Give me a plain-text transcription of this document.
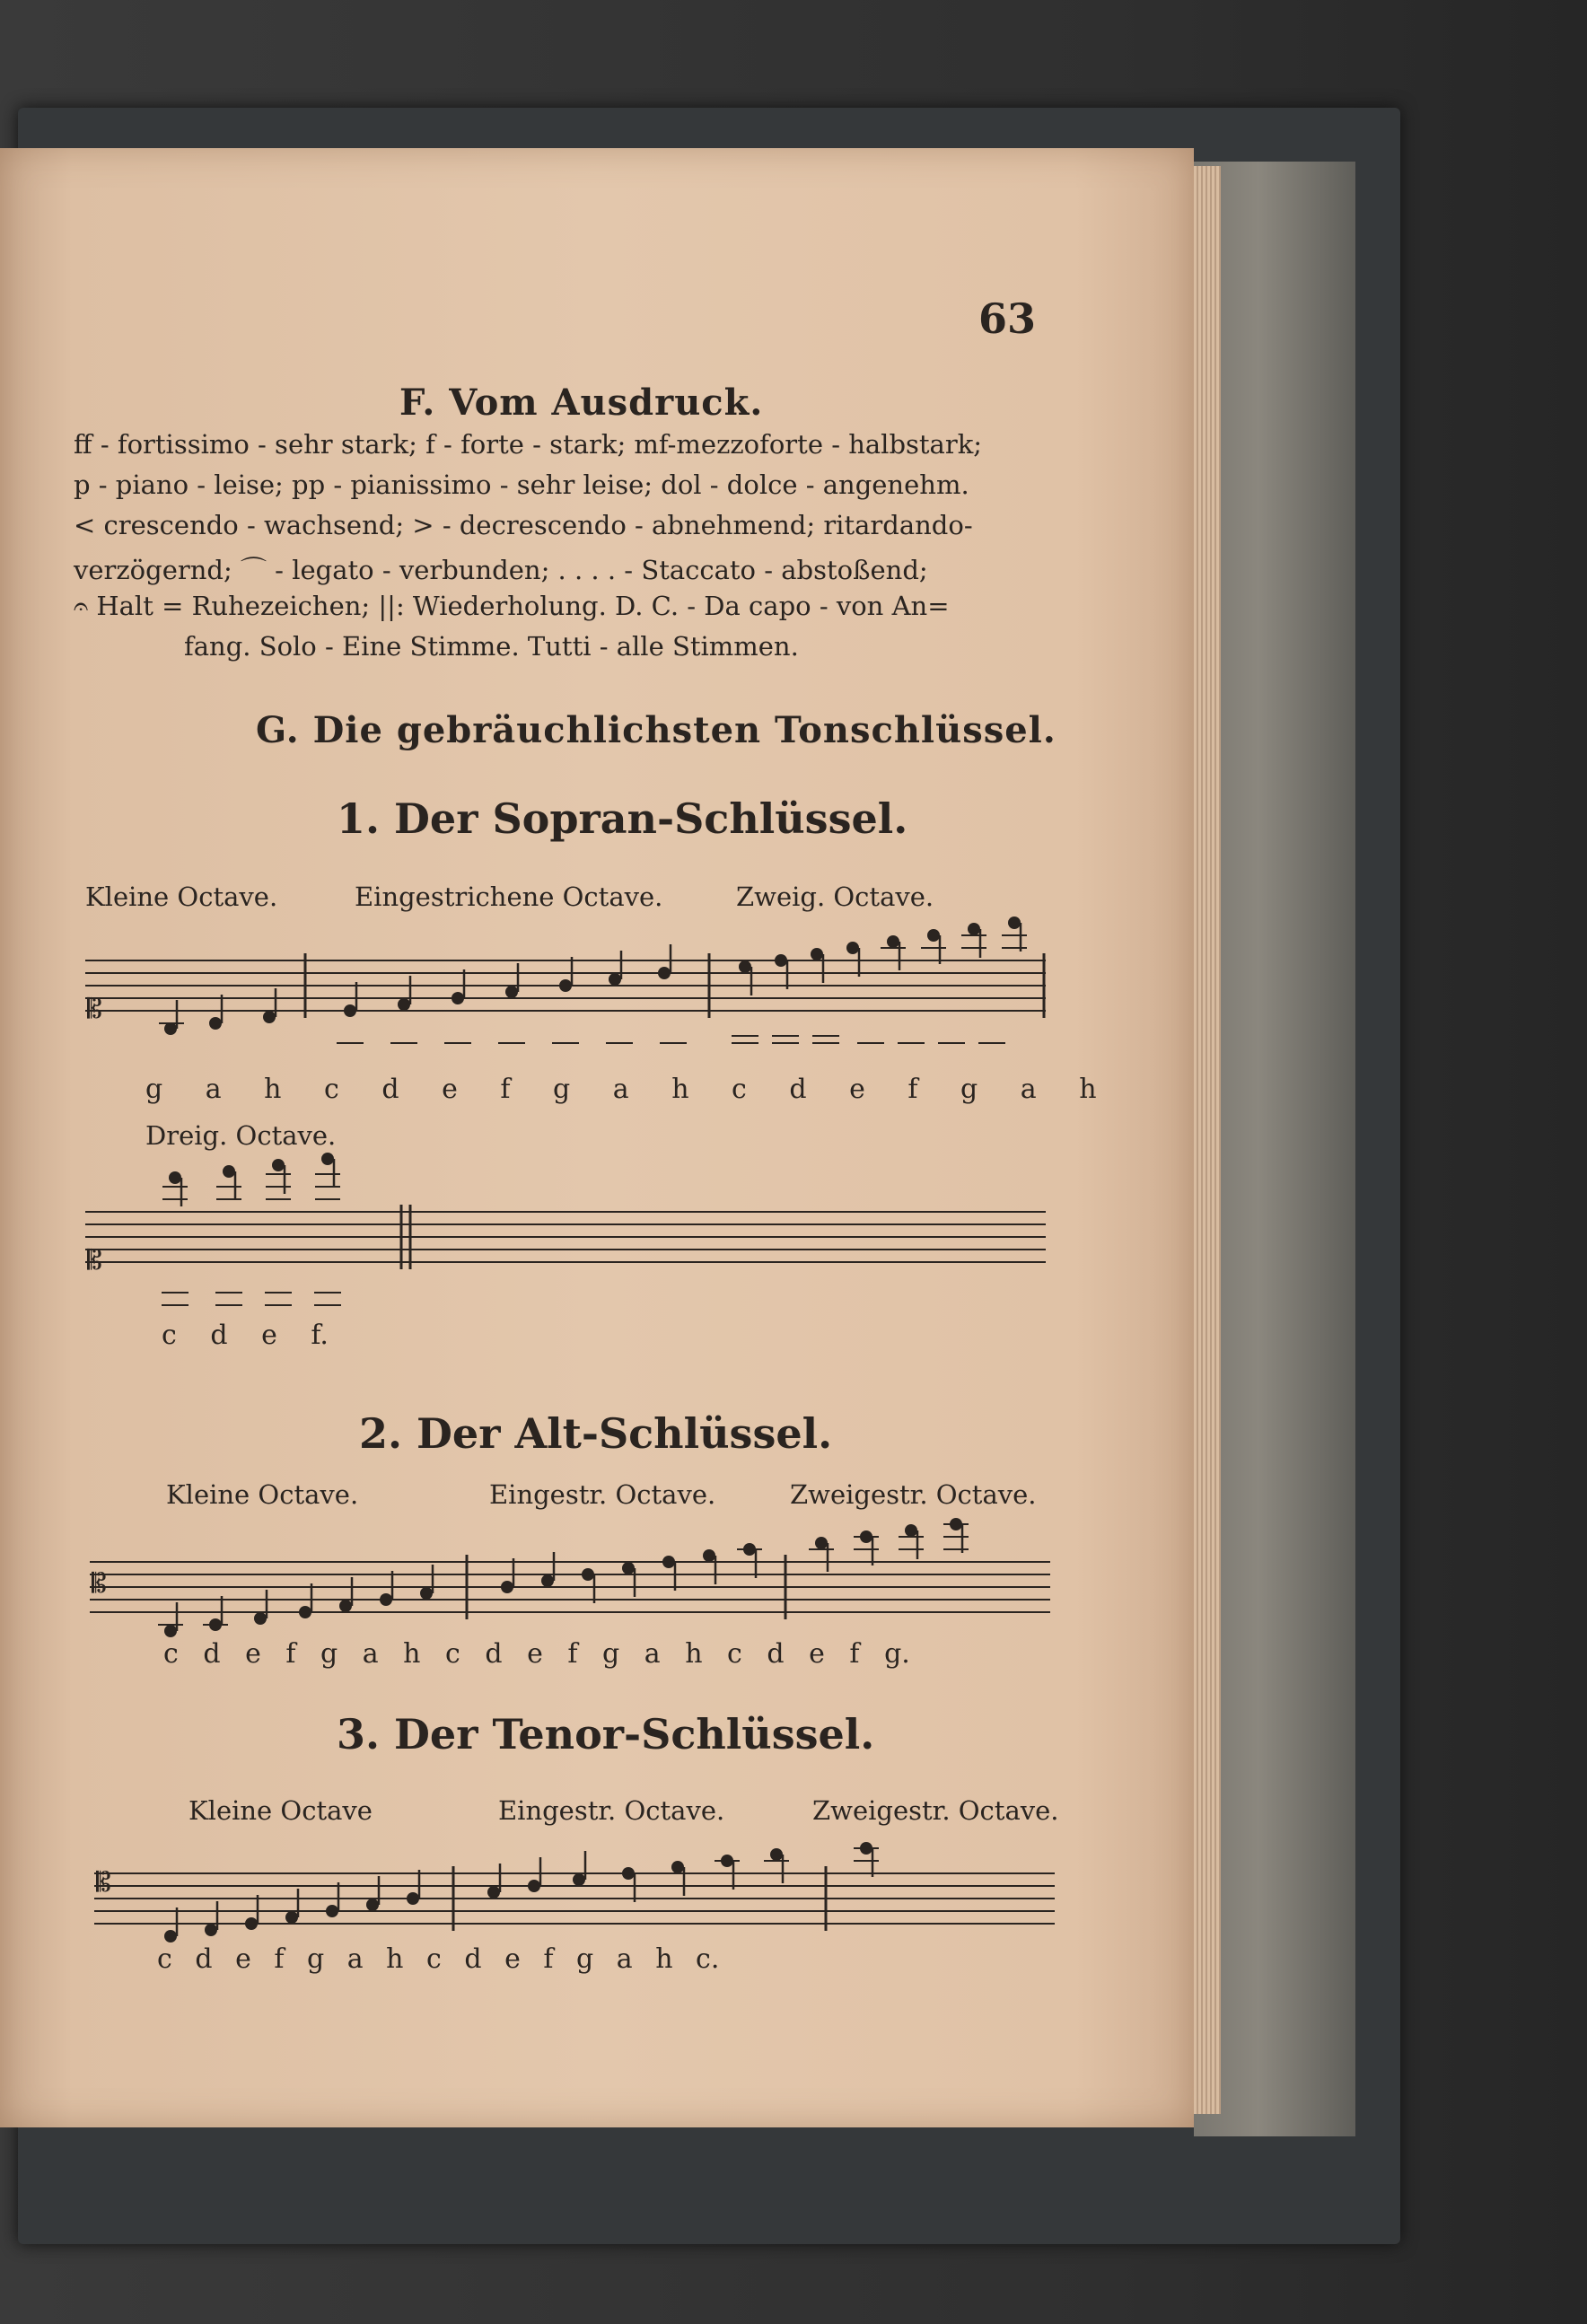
63
F. Vom Ausdruck.
ff - fortissimo - sehr stark; f - forte - stark; mf-mezzoforte - halbstark;
p - piano - leise; pp - pianissimo - sehr leise; dol - dolce - angenehm.
< crescendo - wachsend; > - decrescendo - abnehmend; ritardando-
verzögernd; ⌒ - legato - verbunden; . . . . - Staccato - abstoßend;
𝄐 Halt = Ruhezeichen; ||: Wiederholung. D. C. - Da capo - von An=
fang. Solo - Eine Stimme. Tutti - alle Stimmen.
G. Die gebräuchlichsten Tonschlüssel.
1. Der Sopran-Schlüssel.
Kleine Octave.	Eingestrichene Octave.	Zweig. Octave.
𝄡
g a h c d e f g a h c d e f g a h
Dreig. Octave.
𝄡
c d e f.
2. Der Alt-Schlüssel.
Kleine Octave.	Eingestr. Octave.	Zweigestr. Octave.
𝄡
c d e f g a h c d e f g a h c d e f g.
3. Der Tenor-Schlüssel.
Kleine Octave	Eingestr. Octave.	Zweigestr. Octave.
𝄡
c d e f g a h c d e f g a h c.
